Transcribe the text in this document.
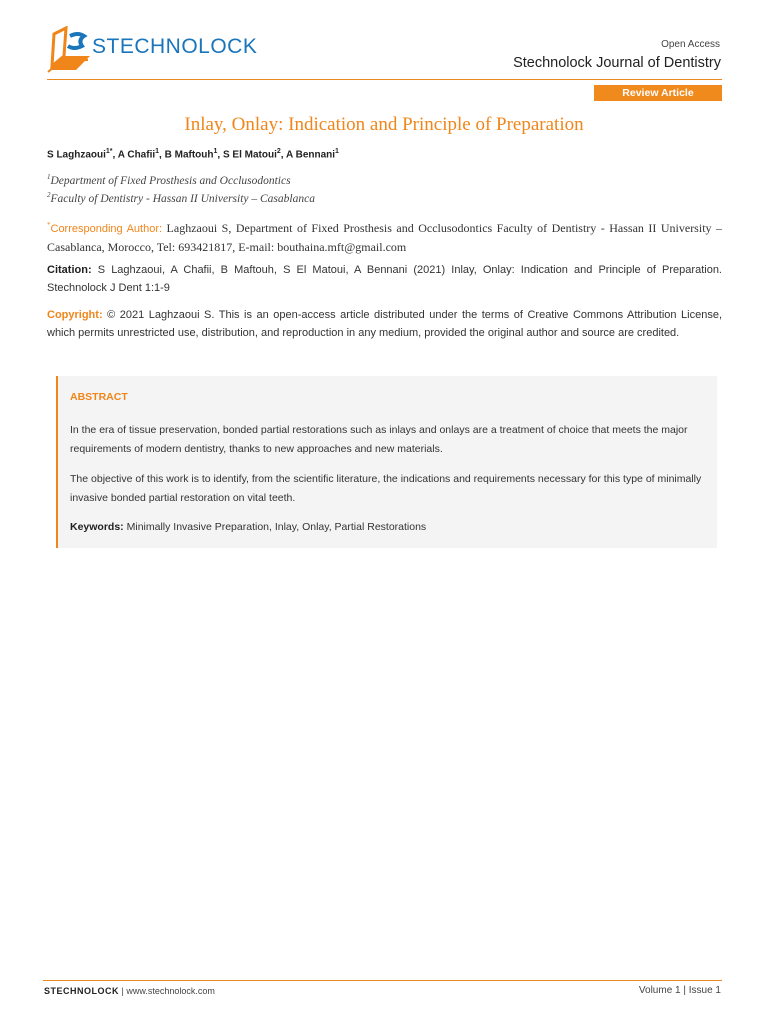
STECHNOLOCK	Open Access
Stechnolock Journal of Dentistry
Review Article
Inlay, Onlay: Indication and Principle of Preparation
S Laghzaoui$^{1*}$, A Chafii$^1$, B Maftouh$^1$, S El Matoui$^2$, A Bennani$^1$
$^1$Department of Fixed Prosthesis and Occlusodontics
$^2$Faculty of Dentistry - Hassan II University – Casablanca
*Corresponding Author: Laghzaoui S, Department of Fixed Prosthesis and Occlusodontics Faculty of Dentistry - Hassan II University – Casablanca, Morocco, Tel: 693421817, E-mail: bouthaina.mft@gmail.com
Citation: S Laghzaoui, A Chafii, B Maftouh, S El Matoui, A Bennani (2021) Inlay, Onlay: Indication and Principle of Preparation. Stechnolock J Dent 1:1-9
Copyright: © 2021 Laghzaoui S. This is an open-access article distributed under the terms of Creative Commons Attribution License, which permits unrestricted use, distribution, and reproduction in any medium, provided the original author and source are credited.
ABSTRACT
In the era of tissue preservation, bonded partial restorations such as inlays and onlays are a treatment of choice that meets the major requirements of modern dentistry, thanks to new approaches and new materials.
The objective of this work is to identify, from the scientific literature, the indications and requirements necessary for this type of minimally invasive bonded partial restoration on vital teeth.
Keywords: Minimally Invasive Preparation, Inlay, Onlay, Partial Restorations
STECHNOLOCK | www.stechnolock.com	Volume 1 | Issue 1
